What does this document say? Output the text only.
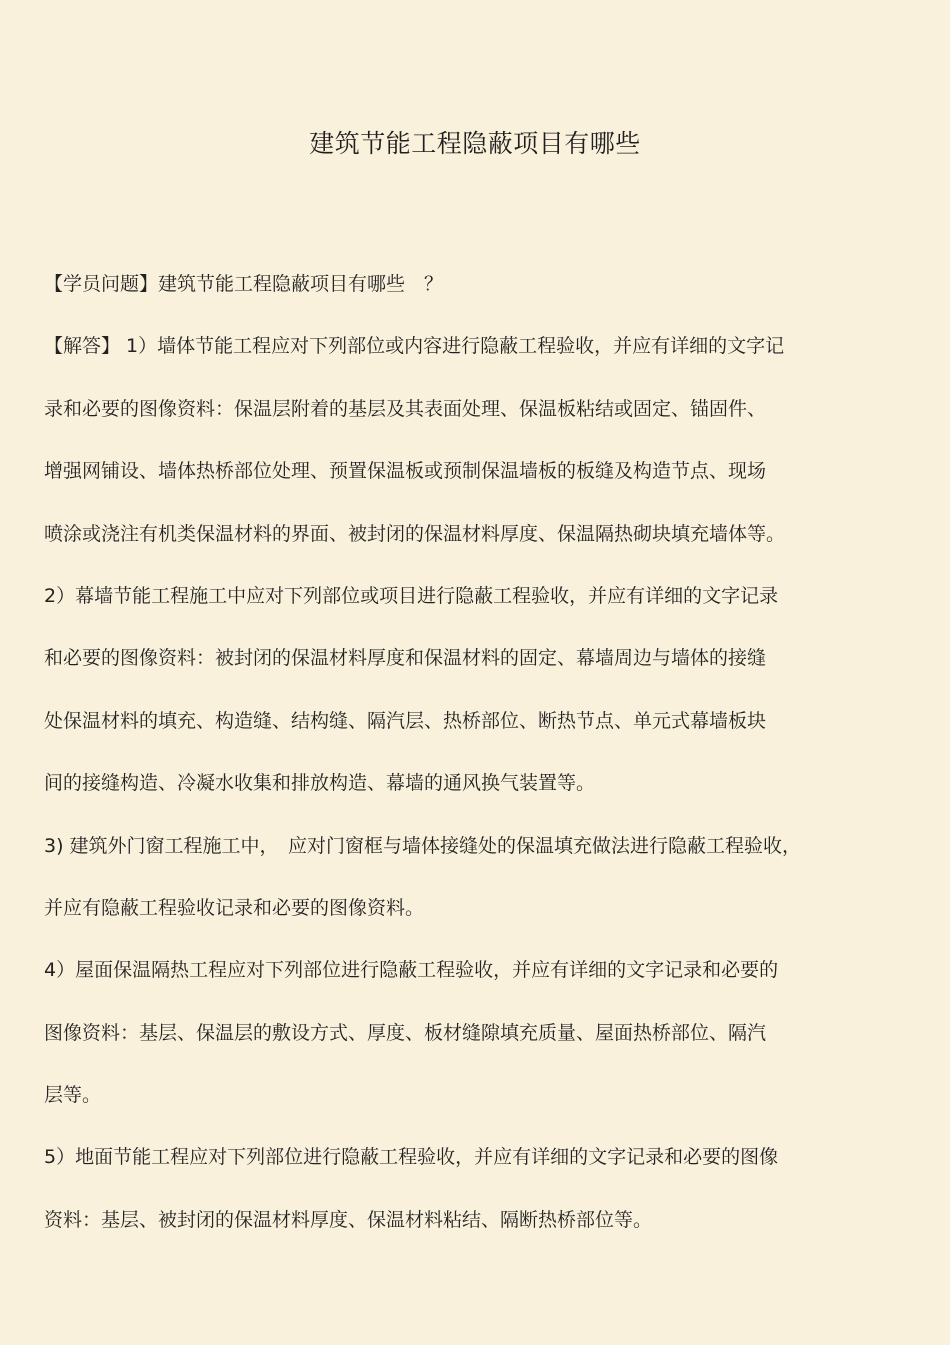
建筑节能工程隐蔽项目有哪些
【学员问题】建筑节能工程隐蔽项目有哪些　？
【解答】 1）墙体节能工程应对下列部位或内容进行隐蔽工程验收，并应有详细的文字记
录和必要的图像资料：保温层附着的基层及其表面处理、保温板粘结或固定、锚固件、
增强网铺设、墙体热桥部位处理、预置保温板或预制保温墙板的板缝及构造节点、现场
喷涂或浇注有机类保温材料的界面、被封闭的保温材料厚度、保温隔热砌块填充墙体等。
2）幕墙节能工程施工中应对下列部位或项目进行隐蔽工程验收，并应有详细的文字记录
和必要的图像资料：被封闭的保温材料厚度和保温材料的固定、幕墙周边与墙体的接缝
处保温材料的填充、构造缝、结构缝、隔汽层、热桥部位、断热节点、单元式幕墙板块
间的接缝构造、冷凝水收集和排放构造、幕墙的通风换气装置等。
3) 建筑外门窗工程施工中，　应对门窗框与墙体接缝处的保温填充做法进行隐蔽工程验收，
并应有隐蔽工程验收记录和必要的图像资料。
4）屋面保温隔热工程应对下列部位进行隐蔽工程验收，并应有详细的文字记录和必要的
图像资料：基层、保温层的敷设方式、厚度、板材缝隙填充质量、屋面热桥部位、隔汽
层等。
5）地面节能工程应对下列部位进行隐蔽工程验收，并应有详细的文字记录和必要的图像
资料：基层、被封闭的保温材料厚度、保温材料粘结、隔断热桥部位等。
